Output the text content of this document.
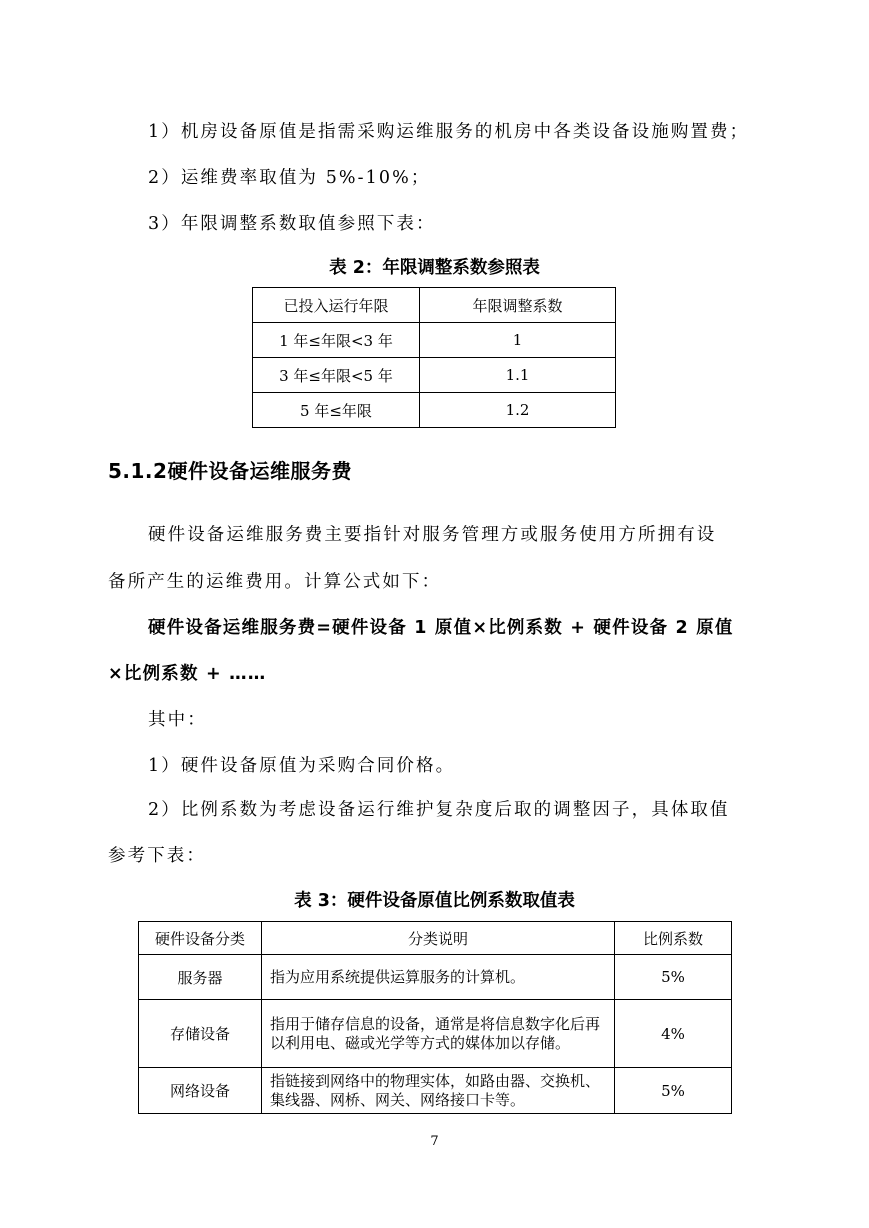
1）机房设备原值是指需采购运维服务的机房中各类设备设施购置费；
2）运维费率取值为 5%-10%；
3）年限调整系数取值参照下表：
表 2：年限调整系数参照表
已投入运行年限	年限调整系数
1 年≤年限<3 年	1
3 年≤年限<5 年	1.1
5 年≤年限	1.2
5.1.2硬件设备运维服务费
硬件设备运维服务费主要指针对服务管理方或服务使用方所拥有设
备所产生的运维费用。计算公式如下：
硬件设备运维服务费=硬件设备 1 原值×比例系数 + 硬件设备 2 原值
×比例系数 + ……
其中：
1）硬件设备原值为采购合同价格。
2）比例系数为考虑设备运行维护复杂度后取的调整因子，具体取值
参考下表：
表 3：硬件设备原值比例系数取值表
硬件设备分类	分类说明	比例系数
服务器	指为应用系统提供运算服务的计算机。	5%
存储设备	指用于储存信息的设备，通常是将信息数字化后再以利用电、磁或光学等方式的媒体加以存储。	4%
网络设备	指链接到网络中的物理实体，如路由器、交换机、集线器、网桥、网关、网络接口卡等。	5%
7
